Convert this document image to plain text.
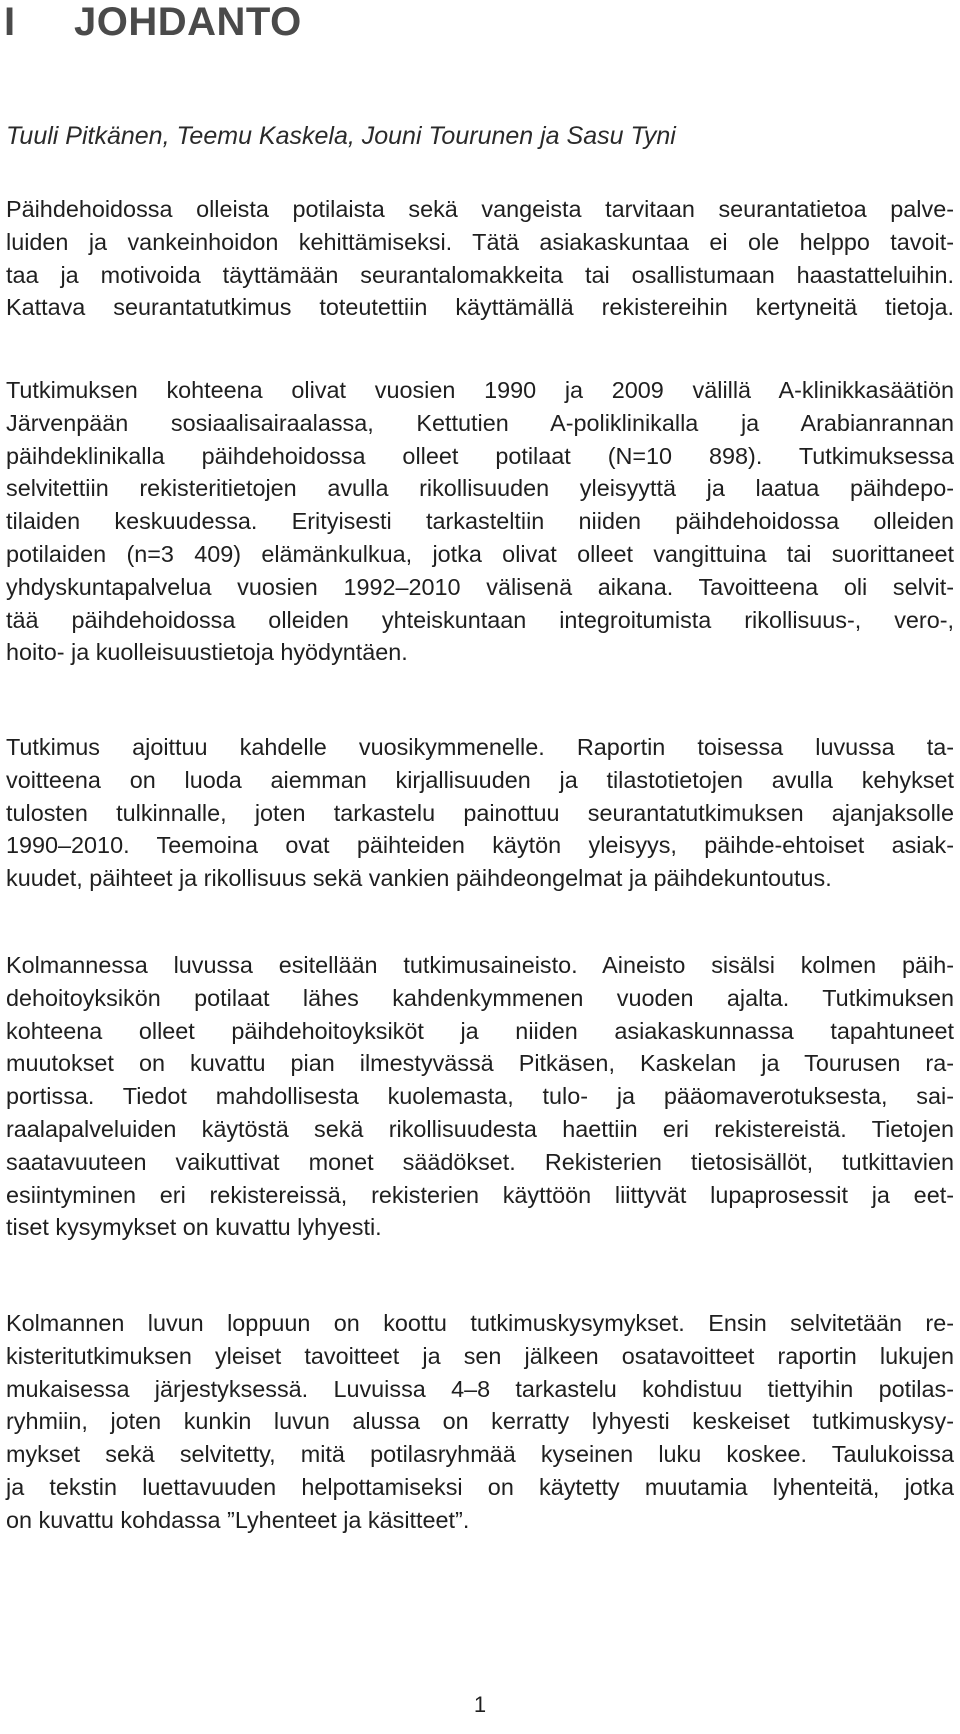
I JOHDANTO

Tuuli Pitkänen, Teemu Kaskela, Jouni Tourunen ja Sasu Tyni

Päihdehoidossa olleista potilaista sekä vangeista tarvitaan seurantatietoa palve-
luiden ja vankeinhoidon kehittämiseksi. Tätä asiakaskuntaa ei ole helppo tavoit-
taa ja motivoida täyttämään seurantalomakkeita tai osallistumaan haastatteluihin.
Kattava seurantatutkimus toteutettiin käyttämällä rekistereihin kertyneitä tietoja.

Tutkimuksen kohteena olivat vuosien 1990 ja 2009 välillä A-klinikkasäätiön
Järvenpään sosiaalisairaalassa, Kettutien A-poliklinikalla ja Arabianrannan
päihdeklinikalla päihdehoidossa olleet potilaat (N=10 898). Tutkimuksessa
selvitettiin rekisteritietojen avulla rikollisuuden yleisyyttä ja laatua päihdepo-
tilaiden keskuudessa. Erityisesti tarkasteltiin niiden päihdehoidossa olleiden
potilaiden (n=3 409) elämänkulkua, jotka olivat olleet vangittuina tai suorittaneet
yhdyskuntapalvelua vuosien 1992–2010 välisenä aikana. Tavoitteena oli selvit-
tää päihdehoidossa olleiden yhteiskuntaan integroitumista rikollisuus-, vero-,
hoito- ja kuolleisuustietoja hyödyntäen.

Tutkimus ajoittuu kahdelle vuosikymmenelle. Raportin toisessa luvussa ta-
voitteena on luoda aiemman kirjallisuuden ja tilastotietojen avulla kehykset
tulosten tulkinnalle, joten tarkastelu painottuu seurantatutkimuksen ajanjaksolle
1990–2010. Teemoina ovat päihteiden käytön yleisyys, päihde-ehtoiset asiak-
kuudet, päihteet ja rikollisuus sekä vankien päihdeongelmat ja päihdekuntoutus.

Kolmannessa luvussa esitellään tutkimusaineisto. Aineisto sisälsi kolmen päih-
dehoitoyksikön potilaat lähes kahdenkymmenen vuoden ajalta. Tutkimuksen
kohteena olleet päihdehoitoyksiköt ja niiden asiakaskunnassa tapahtuneet
muutokset on kuvattu pian ilmestyvässä Pitkäsen, Kaskelan ja Tourusen ra-
portissa. Tiedot mahdollisesta kuolemasta, tulo- ja pääomaverotuksesta, sai-
raalapalveluiden käytöstä sekä rikollisuudesta haettiin eri rekistereistä. Tietojen
saatavuuteen vaikuttivat monet säädökset. Rekisterien tietosisällöt, tutkittavien
esiintyminen eri rekistereissä, rekisterien käyttöön liittyvät lupaprosessit ja eet-
tiset kysymykset on kuvattu lyhyesti.

Kolmannen luvun loppuun on koottu tutkimuskysymykset. Ensin selvitetään re-
kisteritutkimuksen yleiset tavoitteet ja sen jälkeen osatavoitteet raportin lukujen
mukaisessa järjestyksessä. Luvuissa 4–8 tarkastelu kohdistuu tiettyihin potilas-
ryhmiin, joten kunkin luvun alussa on kerratty lyhyesti keskeiset tutkimuskysy-
mykset sekä selvitetty, mitä potilasryhmää kyseinen luku koskee. Taulukoissa
ja tekstin luettavuuden helpottamiseksi on käytetty muutamia lyhenteitä, jotka
on kuvattu kohdassa ”Lyhenteet ja käsitteet”.

1
